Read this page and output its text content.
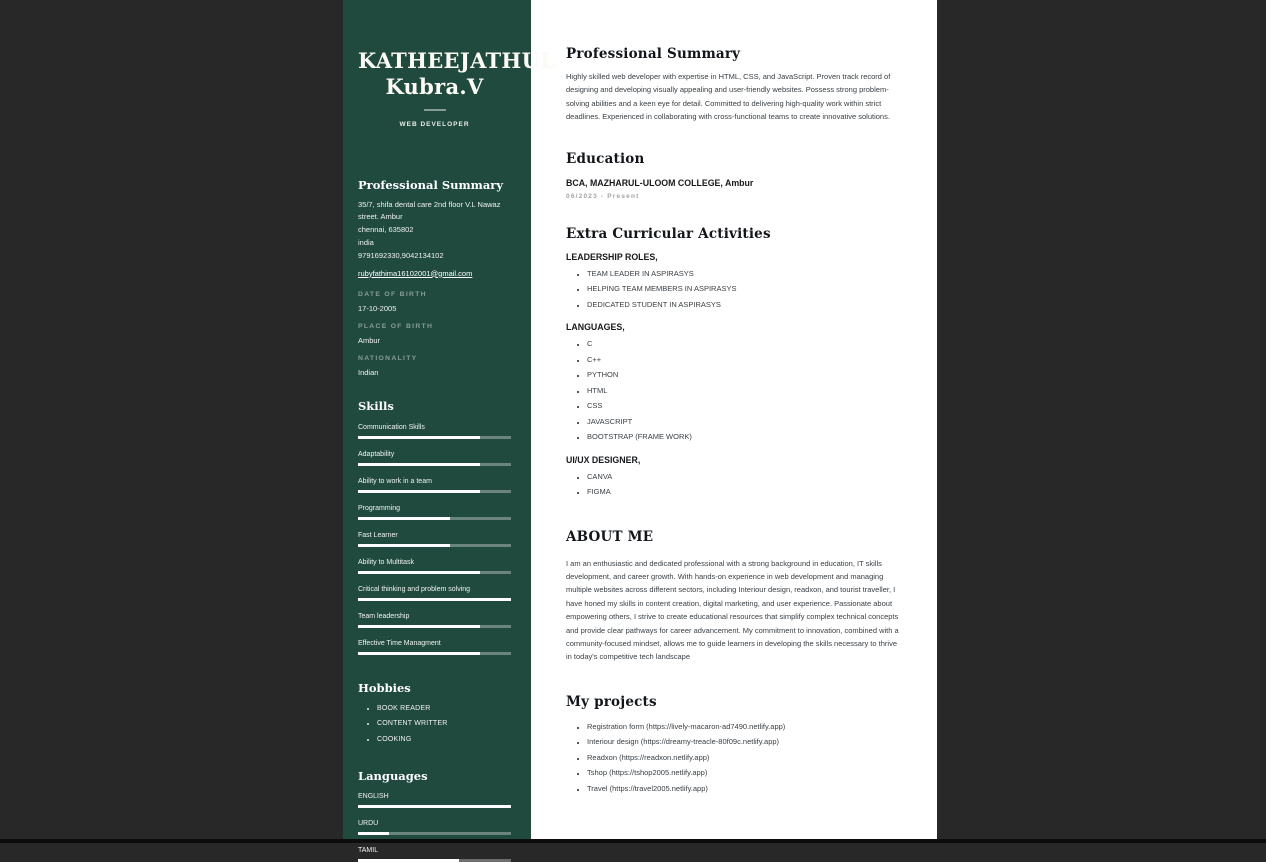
KATHEEJATHUL
Kubra.V
WEB DEVELOPER
Professional Summary
35/7, shifa dental care 2nd floor V.L Nawaz street. Ambur
chennai, 635802
india
9791692330,9042134102
rubyfathima16102001@gmail.com
DATE OF BIRTH
17-10-2005
PLACE OF BIRTH
Ambur
NATIONALITY
Indian
Skills
Communication Skills
Adaptability
Ability to work in a team
Programming
Fast Learner
Ability to Multitask
Critical thinking and problem solving
Team leadership
Effective Time Managment
Hobbies
• BOOK READER
• CONTENT WRITTER
• COOKING
Languages
ENGLISH
URDU
TAMIL
Professional Summary

Highly skilled web developer with expertise in HTML, CSS, and JavaScript. Proven track record of designing and developing visually appealing and user-friendly websites. Possess strong problem-solving abilities and a keen eye for detail. Committed to delivering high-quality work within strict deadlines. Experienced in collaborating with cross-functional teams to create innovative solutions.

Education
BCA, MAZHARUL-ULOOM COLLEGE, Ambur
06/2023 - Present
Extra Curricular Activities
LEADERSHIP ROLES,
• TEAM LEADER IN ASPIRASYS
• HELPING TEAM MEMBERS IN ASPIRASYS
• DEDICATED STUDENT IN ASPIRASYS
LANGUAGES,
• C
• C++
• PYTHON
• HTML
• CSS
• JAVASCRIPT
• BOOTSTRAP (FRAME WORK)
UI/UX DESIGNER,
• CANVA
• FIGMA
ABOUT ME

I am an enthusiastic and dedicated professional with a strong background in education, IT skills development, and career growth. With hands-on experience in web development and managing multiple websites across different sectors, including Interiour design, readxon, and tourist traveller, I have honed my skills in content creation, digital marketing, and user experience. Passionate about empowering others, I strive to create educational resources that simplify complex technical concepts and provide clear pathways for career advancement. My commitment to innovation, combined with a community-focused mindset, allows me to guide learners in developing the skills necessary to thrive in today's competitive tech landscape

My projects
• Registration form (https://lively-macaron-ad7490.netlify.app)
• Interiour design (https://dreamy-treacle-80f09c.netlify.app)
• Readxon (https://readxon.netlify.app)
• Tshop (https://tshop2005.netlify.app)
• Travel (https://travel2005.netlify.app)
